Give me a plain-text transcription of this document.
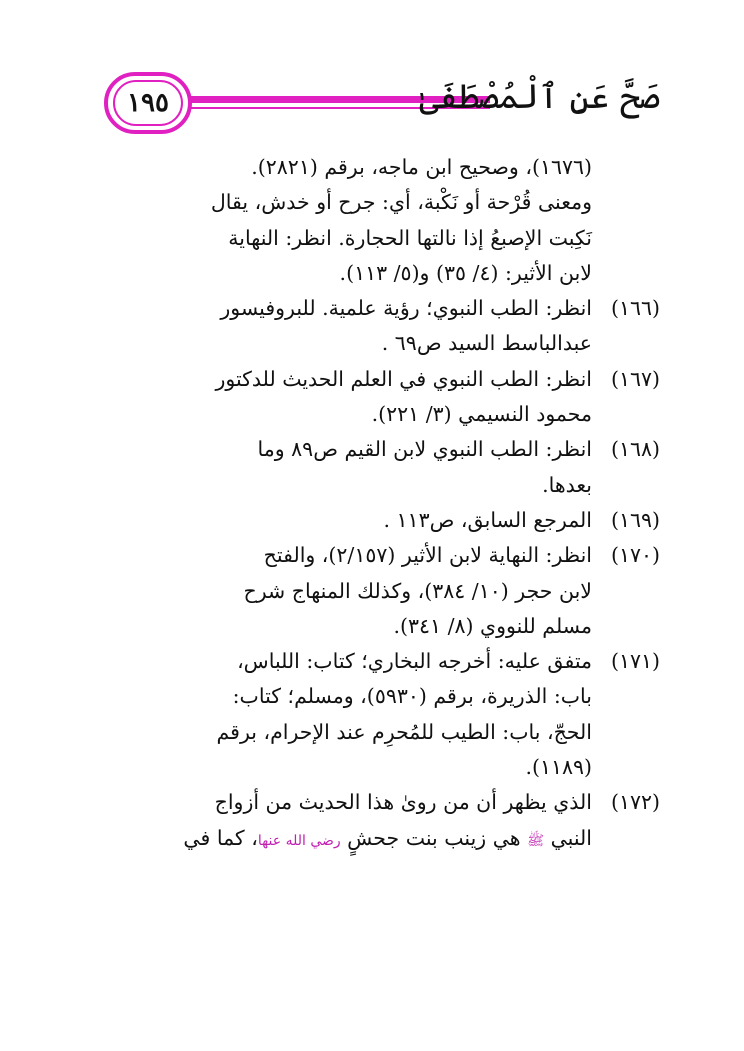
١٩٥	صَحَّ عَنِ ٱلْمُصْطَفَىٰ
(١٦٧٦)، وصحيح ابن ماجه، برقم (٢٨٢١).
ومعنى قُرْحة أو نَكْبة، أي: جرح أو خدش، يقال
نَكِبت الإصبعُ إذا نالتها الحجارة. انظر: النهاية
لابن الأثير: (٤/ ٣٥) و(٥/ ١١٣).
(١٦٦)
انظر: الطب النبوي؛ رؤية علمية. للبروفيسور
عبدالباسط السيد ص٦٩ .
(١٦٧)
انظر: الطب النبوي في العلم الحديث للدكتور
محمود النسيمي (٣/ ٢٢١).
(١٦٨)
انظر: الطب النبوي لابن القيم ص٨٩ وما
بعدها.
(١٦٩)
المرجع السابق، ص١١٣ .
(١٧٠)
انظر: النهاية لابن الأثير (٢/١٥٧)، والفتح
لابن حجر (١٠/ ٣٨٤)، وكذلك المنهاج شرح
مسلم للنووي (٨/ ٣٤١).
(١٧١)
متفق عليه: أخرجه البخاري؛ كتاب: اللباس،
باب: الذريرة، برقم (٥٩٣٠)، ومسلم؛ كتاب:
الحجّ، باب: الطيب للمُحرِم عند الإحرام، برقم
(١١٨٩).
(١٧٢)
الذي يظهر أن من روىٰ هذا الحديث من أزواج
النبي ﷺ هي زينب بنت جحشٍ رضي الله عنها، كما في
